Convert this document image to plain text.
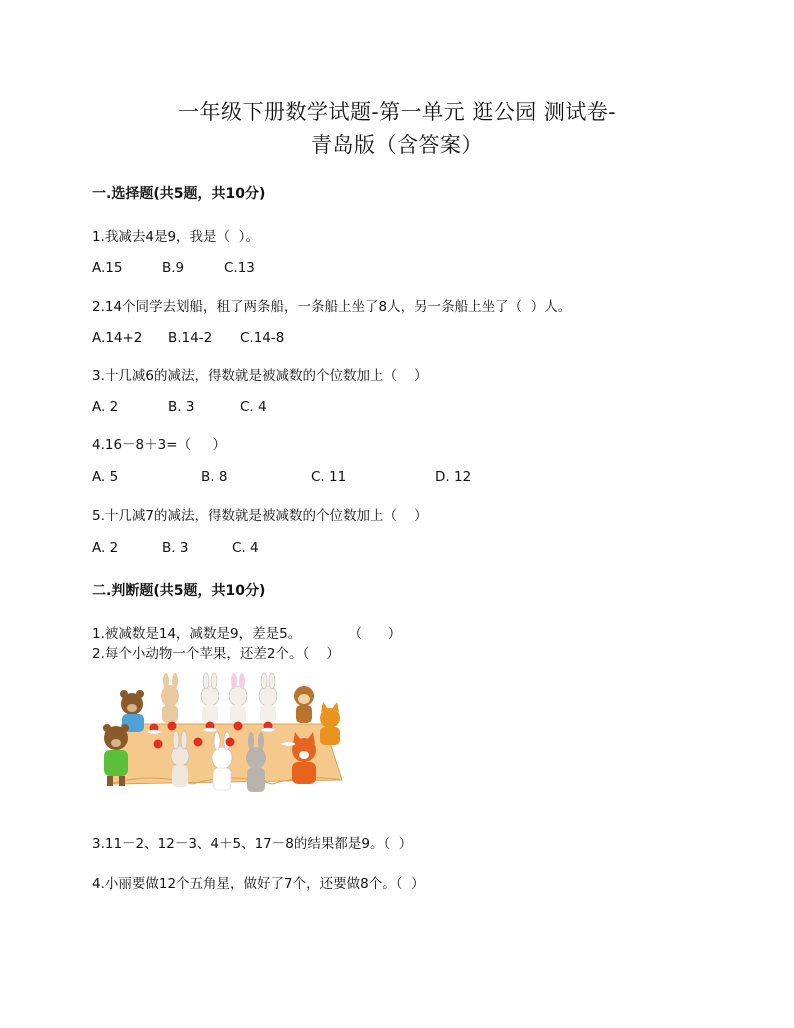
一年级下册数学试题-第一单元 逛公园 测试卷-
青岛版（含答案）
一.选择题(共5题，共10分)
1.我减去4是9，我是（  ）。
A.15	B.9	C.13
2.14个同学去划船，租了两条船，一条船上坐了8人，另一条船上坐了（  ）人。
A.14+2 B.14-2 C.14-8
3.十几减6的减法，得数就是被减数的个位数加上（    ）
A. 2	B. 3	C. 4
4.16－8＋3=（     ）
A. 5	B. 8	C. 11	D. 12
5.十几减7的减法，得数就是被减数的个位数加上（    ）
A. 2	B. 3	C. 4
二.判断题(共5题，共10分)
1.被减数是14，减数是9，差是5。           （      ）
2.每个小动物一个苹果，还差2个。（    ）
3.11－2、12－3、4＋5、17－8的结果都是9。（  ）
4.小丽要做12个五角星，做好了7个，还要做8个。（  ）
